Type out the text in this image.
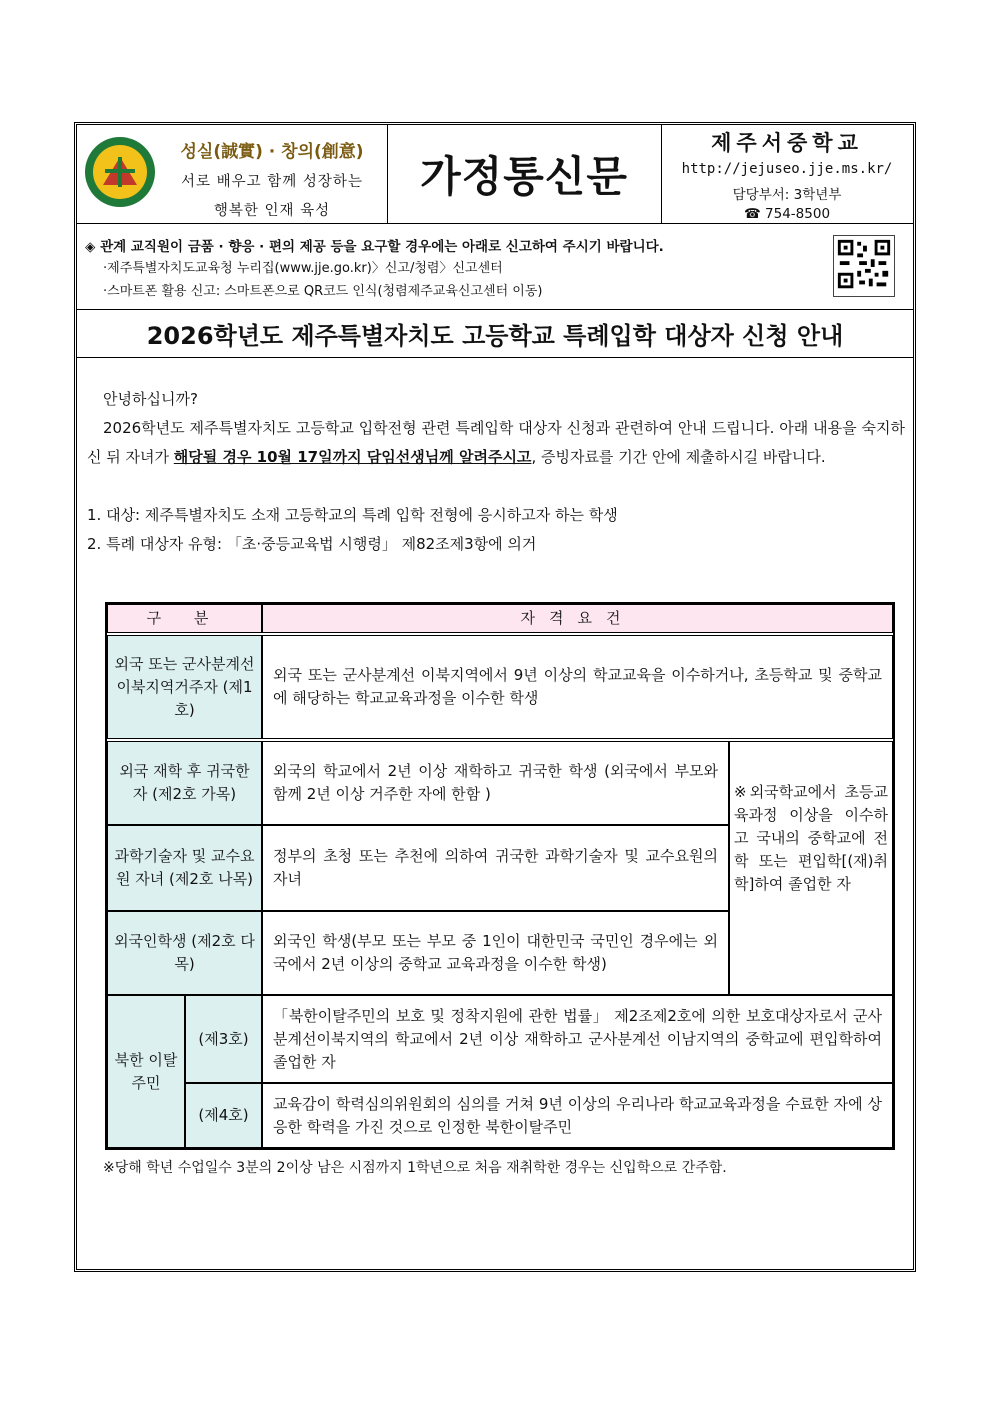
성실(誠實) · 창의(創意)
서로 배우고 함께 성장하는
행복한 인재 육성
가정통신문
제주서중학교
http://jejuseo.jje.ms.kr/
담당부서: 3학년부
☎ 754-8500
◈ 관계 교직원이 금품 · 향응 · 편의 제공 등을 요구할 경우에는 아래로 신고하여 주시기 바랍니다.
·제주특별자치도교육청 누리집(www.jje.go.kr)〉신고/청렴〉신고센터
·스마트폰 활용 신고: 스마트폰으로 QR코드 인식(청렴제주교육신고센터 이동)
2026학년도 제주특별자치도 고등학교 특례입학 대상자 신청 안내

안녕하십니까?

2026학년도 제주특별자치도 고등학교 입학전형 관련 특례입학 대상자 신청과 관련하여 안내 드립니다. 아래 내용을 숙지하신 뒤 자녀가 해당될 경우 10월 17일까지 담임선생님께 알려주시고, 증빙자료를 기간 안에 제출하시길 바랍니다.

1. 대상: 제주특별자치도 소재 고등학교의 특례 입학 전형에 응시하고자 하는 학생

2. 특례 대상자 유형: 「초·중등교육법 시행령」 제82조제3항에 의거

구 분	자격요건
외국 또는 군사분계선 이북지역거주자 (제1호)
외국 또는 군사분계선 이북지역에서 9년 이상의 학교교육을 이수하거나, 초등학교 및 중학교에 해당하는 학교교육과정을 이수한 학생
외국 재학 후 귀국한 자 (제2호 가목)
외국의 학교에서 2년 이상 재학하고 귀국한 학생 (외국에서 부모와 함께 2년 이상 거주한 자에 한함 )
과학기술자 및 교수요원 자녀 (제2호 나목)
정부의 초청 또는 추천에 의하여 귀국한 과학기술자 및 교수요원의 자녀
외국인학생 (제2호 다목)
외국인 학생(부모 또는 부모 중 1인이 대한민국 국민인 경우에는 외국에서 2년 이상의 중학교 교육과정을 이수한 학생)
※외국학교에서 초등교육과정 이상을 이수하고 국내의 중학교에 전학 또는 편입학[(재)취학]하여 졸업한 자
북한 이탈주민
(제3호)
「북한이탈주민의 보호 및 정착지원에 관한 법률」 제2조제2호에 의한 보호대상자로서 군사분계선이북지역의 학교에서 2년 이상 재학하고 군사분계선 이남지역의 중학교에 편입학하여 졸업한 자
(제4호)
교육감이 학력심의위원회의 심의를 거쳐 9년 이상의 우리나라 학교교육과정을 수료한 자에 상응한 학력을 가진 것으로 인정한 북한이탈주민
※당해 학년 수업일수 3분의 2이상 남은 시점까지 1학년으로 처음 재취학한 경우는 신입학으로 간주함.
